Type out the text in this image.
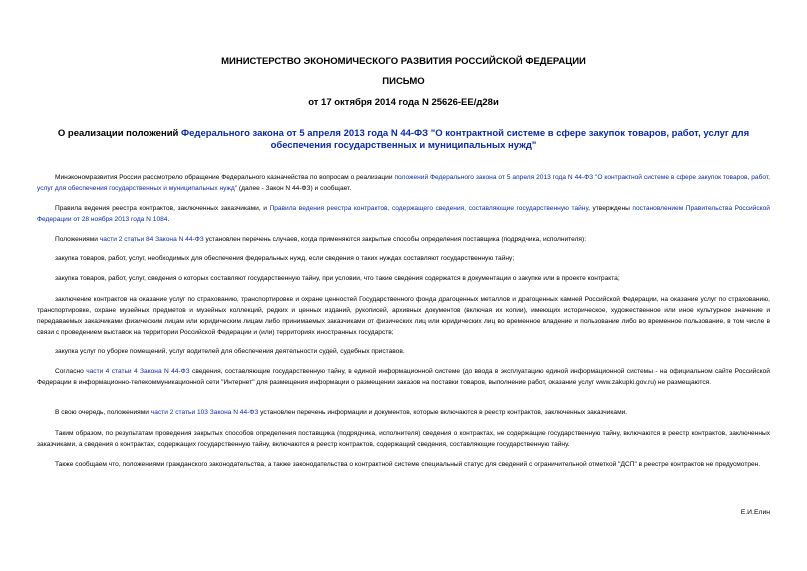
МИНИСТЕРСТВО ЭКОНОМИЧЕСКОГО РАЗВИТИЯ РОССИЙСКОЙ ФЕДЕРАЦИИ
ПИСЬМО
от 17 октября 2014 года N 25626-ЕЕ/д28и
О реализации положений Федерального закона от 5 апреля 2013 года N 44-ФЗ "О контрактной системе в сфере закупок товаров, работ, услуг для обеспечения государственных и муниципальных нужд"

Минэкономразвития России рассмотрело обращение Федерального казначейства по вопросам о реализации положений Федерального закона от 5 апреля 2013 года N 44-ФЗ "О контрактной системе в сфере закупок товаров, работ, услуг для обеспечения государственных и муниципальных нужд" (далее - Закон N 44-ФЗ) и сообщает.

Правила ведения реестра контрактов, заключенных заказчиками, и Правила ведения реестра контрактов, содержащего сведения, составляющие государственную тайну, утверждены постановлением Правительства Российской Федерации от 28 ноября 2013 года N 1084.

Положениями части 2 статьи 84 Закона N 44-ФЗ установлен перечень случаев, когда применяются закрытые способы определения поставщика (подрядчика, исполнителя):

закупка товаров, работ, услуг, необходимых для обеспечения федеральных нужд, если сведения о таких нуждах составляют государственную тайну;

закупка товаров, работ, услуг, сведения о которых составляют государственную тайну, при условии, что такие сведения содержатся в документации о закупке или в проекте контракта;

заключение контрактов на оказание услуг по страхованию, транспортировке и охране ценностей Государственного фонда драгоценных металлов и драгоценных камней Российской Федерации, на оказание услуг по страхованию, транспортировке, охране музейных предметов и музейных коллекций, редких и ценных изданий, рукописей, архивных документов (включая их копии), имеющих историческое, художественное или иное культурное значение и передаваемых заказчиками физическим лицам или юридическим лицам либо принимаемых заказчиками от физических лиц или юридических лиц во временное владение и пользование либо во временное пользование, в том числе в связи с проведением выставок на территории Российской Федерации и (или) территориях иностранных государств;

закупка услуг по уборке помещений, услуг водителей для обеспечения деятельности судей, судебных приставов.

Согласно части 4 статьи 4 Закона N 44-ФЗ сведения, составляющие государственную тайну, в единой информационной системе (до ввода в эксплуатацию единой информационной системы - на официальном сайте Российской Федерации в информационно-телекоммуникационной сети "Интернет" для размещения информации о размещении заказов на поставки товаров, выполнение работ, оказание услуг www.zakupki.gov.ru) не размещаются.

В свою очередь, положениями части 2 статьи 103 Закона N 44-ФЗ установлен перечень информации и документов, которые включаются в реестр контрактов, заключенных заказчиками.

Таким образом, по результатам проведения закрытых способов определения поставщика (подрядчика, исполнителя) сведения о контрактах, не содержащие государственную тайну, включаются в реестр контрактов, заключенных заказчиками, а сведения о контрактах, содержащих государственную тайну, включаются в реестр контрактов, содержащий сведения, составляющие государственную тайну.

Также сообщаем что, положениями гражданского законодательства, а также законодательства о контрактной системе специальный статус для сведений с ограничительной отметкой "ДСП" в реестре контрактов не предусмотрен.

Е.И.Елин
